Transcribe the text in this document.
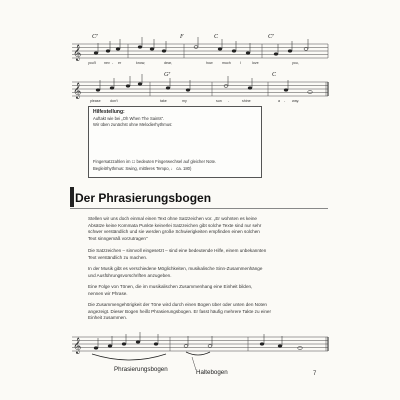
𝄞
𝄞
𝄞
C⁷	F	C	C⁷
you'll nev - er	know,	dear,	how	much	I	love	you,
G⁷	C
please	don't	take	my	sun -	shine	a - way.
Hilfestellung:
Auftakt wie bei „Oh When The Saints".
Wir üben zunächst ohne Melodierhythmus:
Fingersatzzahlen im ☐ bedeuten Fingerwechsel auf gleicher Note.
Begleitrhythmus: Swing, mittleres Tempo, ♩ ca. 180)
Der Phrasierungsbogen
Stellen wir uns doch einmal einen Text ohne Satzzeichen vor. „Er wohnten es keine
Absätze keine Kommata Punkte keinerlei Satzzeichen gibt solche Texte sind nur sehr
schwer verständlich und sie werden große Schwierigkeiten empfinden einen solchen
Text sinngemäß vorzutragen"
Die Satzzeichen – sinnvoll eingesetzt – sind eine bedeutende Hilfe, einem unbekannten
Text verständlich zu machen.
In der Musik gibt es verschiedene Möglichkeiten, musikalische Sinn-Zusammenhänge
und Ausführungsvorschriften anzugeben.
Eine Folge von Tönen, die im musikalischen Zusammenhang eine Einheit bilden,
nennen wir Phrase.
Die Zusammengehörigkeit der Töne wird durch einen Bogen über oder unten den Noten
angezeigt. Dieser Bogen heißt Phrasierungsbogen. Er fasst häufig mehrere Takte zu einer
Einheit zusammen.
Phrasierungsbogen	Haltebogen	7
